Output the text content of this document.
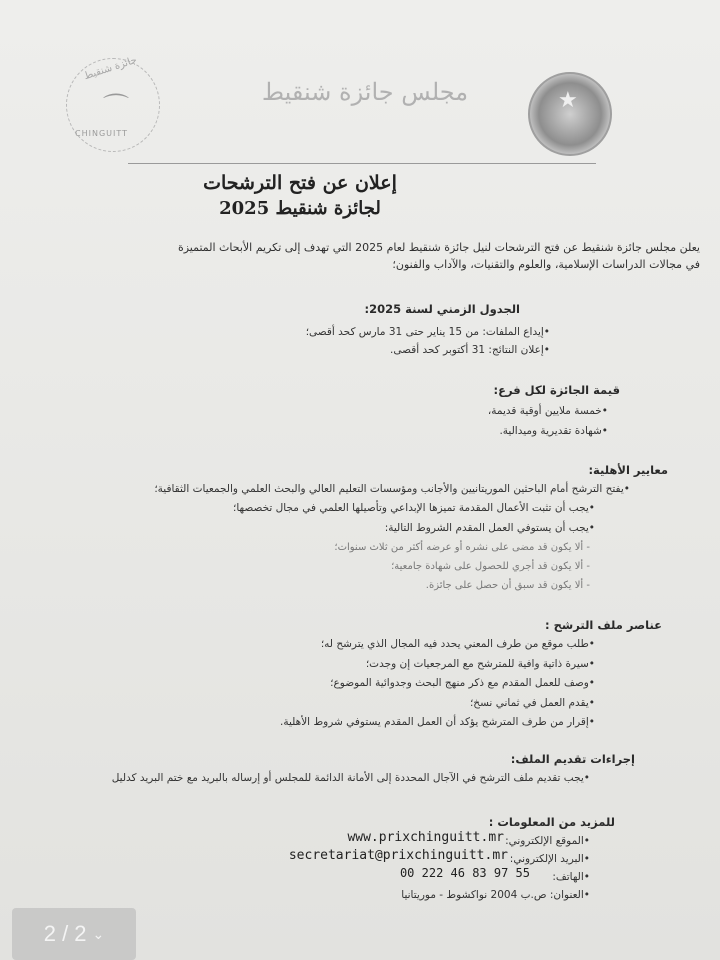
جائزة شنقيط
⌒
CHINGUITT
مجلس جائزة شنقيط	★
إعلان عن فتح الترشحات
لجائزة شنقيط 2025
يعلن مجلس جائزة شنقيط عن فتح الترشحات لنيل جائزة شنقيط لعام 2025 التي تهدف إلى تكريم الأبحاث المتميزة
في مجالات الدراسات الإسلامية، والعلوم والتقنيات، والآداب والفنون؛
الجدول الزمني لسنة 2025:
•إيداع الملفات: من 15 يناير حتى 31 مارس كحد أقصى؛
•إعلان النتائج: 31 أكتوبر كحد أقصى.
قيمة الجائزة لكل فرع:
•خمسة ملايين أوقية قديمة،
•شهادة تقديرية وميدالية.
معايير الأهلية:
•يفتح الترشح أمام الباحثين الموريتانيين والأجانب ومؤسسات التعليم العالي والبحث العلمي والجمعيات الثقافية؛
•يجب أن تثبت الأعمال المقدمة تميزها الإبداعي وتأصيلها العلمي في مجال تخصصها؛
•يجب أن يستوفي العمل المقدم الشروط التالية:
- ألا يكون قد مضى على نشره أو عرضه أكثر من ثلاث سنوات؛
- ألا يكون قد أجري للحصول على شهادة جامعية؛
- ألا يكون قد سبق أن حصل على جائزة.
عناصر ملف الترشح :
•طلب موقع من طرف المعني يحدد فيه المجال الذي يترشح له؛
•سيرة ذاتية وافية للمترشح مع المرجعيات إن وجدت؛
•وصف للعمل المقدم مع ذكر منهج البحث وجدوائية الموضوع؛
•يقدم العمل في ثماني نسخ؛
•إقرار من طرف المترشح يؤكد أن العمل المقدم يستوفي شروط الأهلية.
إجراءات تقديم الملف:
•يجب تقديم ملف الترشح في الآجال المحددة إلى الأمانة الدائمة للمجلس أو إرساله بالبريد مع ختم البريد كدليل
للمزيد من المعلومات :
•الموقع الإلكتروني:
www.prixchinguitt.mr
•البريد الإلكتروني:
secretariat@prixchinguitt.mr
•الهاتف:
00 222 46 83 97 55
•العنوان: ص.ب 2004 نواكشوط - موريتانيا
2 / 2 ⌄
